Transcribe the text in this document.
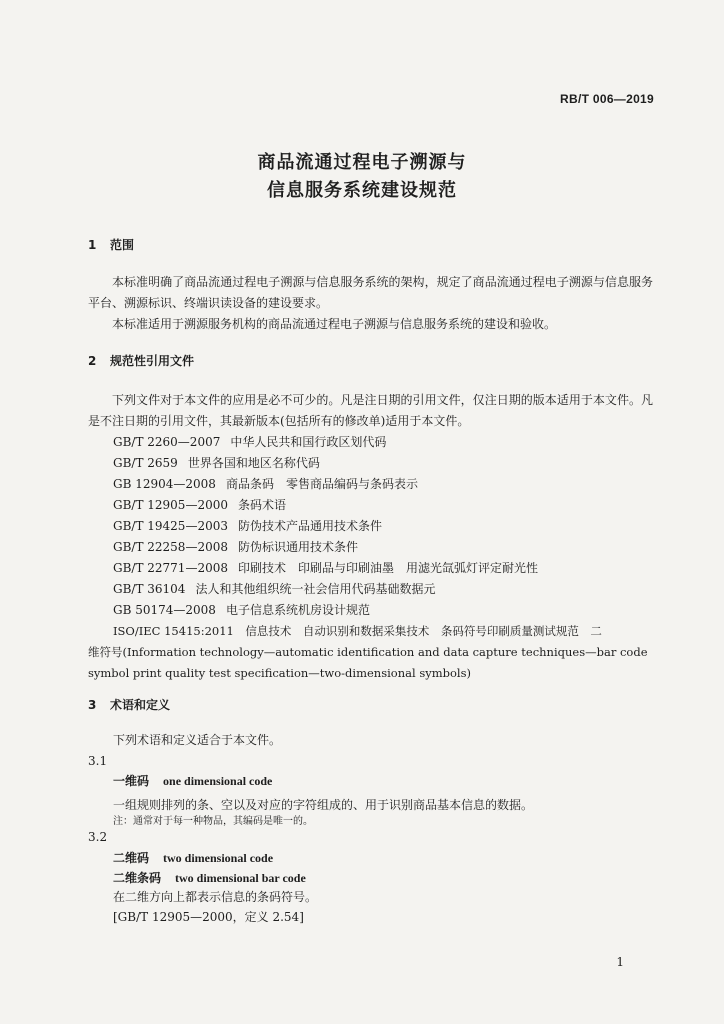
RB/T 006—2019
商品流通过程电子溯源与
信息服务系统建设规范
1 范围
本标准明确了商品流通过程电子溯源与信息服务系统的架构，规定了商品流通过程电子溯源与信息服务平台、溯源标识、终端识读设备的建设要求。
本标准适用于溯源服务机构的商品流通过程电子溯源与信息服务系统的建设和验收。
2 规范性引用文件
下列文件对于本文件的应用是必不可少的。凡是注日期的引用文件，仅注日期的版本适用于本文件。凡是不注日期的引用文件，其最新版本(包括所有的修改单)适用于本文件。
GB/T 2260—2007 中华人民共和国行政区划代码
GB/T 2659 世界各国和地区名称代码
GB 12904—2008 商品条码　零售商品编码与条码表示
GB/T 12905—2000 条码术语
GB/T 19425—2003 防伪技术产品通用技术条件
GB/T 22258—2008 防伪标识通用技术条件
GB/T 22771—2008 印刷技术　印刷品与印刷油墨　用滤光氙弧灯评定耐光性
GB/T 36104 法人和其他组织统一社会信用代码基础数据元
GB 50174—2008 电子信息系统机房设计规范
ISO/IEC 15415:2011　信息技术　自动识别和数据采集技术　条码符号印刷质量测试规范　二
维符号(Information technology—automatic identification and data capture techniques—bar code
symbol print quality test specification—two-dimensional symbols)
3 术语和定义
下列术语和定义适合于本文件。
3.1
一维码 one dimensional code
一组规则排列的条、空以及对应的字符组成的、用于识别商品基本信息的数据。
注：通常对于每一种物品，其编码是唯一的。
3.2
二维码 two dimensional code
二维条码 two dimensional bar code
在二维方向上都表示信息的条码符号。
[GB/T 12905—2000，定义 2.54]
1
